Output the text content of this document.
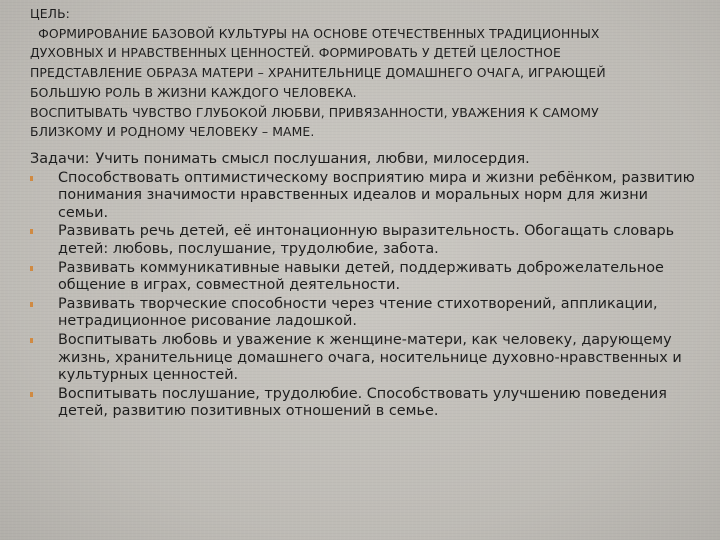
ЦЕЛЬ:

ФОРМИРОВАНИЕ БАЗОВОЙ КУЛЬТУРЫ НА ОСНОВЕ ОТЕЧЕСТВЕННЫХ ТРАДИЦИОННЫХ

ДУХОВНЫХ И НРАВСТВЕННЫХ ЦЕННОСТЕЙ. ФОРМИРОВАТЬ У ДЕТЕЙ ЦЕЛОСТНОЕ

ПРЕДСТАВЛЕНИЕ ОБРАЗА МАТЕРИ – ХРАНИТЕЛЬНИЦЕ ДОМАШНЕГО ОЧАГА, ИГРАЮЩЕЙ

БОЛЬШУЮ РОЛЬ В ЖИЗНИ КАЖДОГО ЧЕЛОВЕКА.

ВОСПИТЫВАТЬ ЧУВСТВО ГЛУБОКОЙ ЛЮБВИ, ПРИВЯЗАННОСТИ, УВАЖЕНИЯ К САМОМУ

БЛИЗКОМУ И РОДНОМУ ЧЕЛОВЕКУ – МАМЕ.

Задачи: Учить понимать смысл послушания, любви, милосердия.

Способствовать оптимистическому восприятию мира и жизни ребёнком, развитию понимания значимости нравственных идеалов и моральных норм для жизни семьи.
Развивать речь детей, её интонационную выразительность. Обогащать словарь детей: любовь, послушание, трудолюбие, забота.
Развивать коммуникативные навыки детей, поддерживать доброжелательное общение в играх, совместной деятельности.
Развивать творческие способности через чтение стихотворений, аппликации, нетрадиционное рисование ладошкой.
Воспитывать любовь и уважение к женщине-матери, как человеку, дарующему жизнь, хранительнице домашнего очага, носительнице духовно-нравственных и культурных ценностей.
Воспитывать послушание, трудолюбие. Способствовать улучшению поведения детей, развитию позитивных отношений в семье.
